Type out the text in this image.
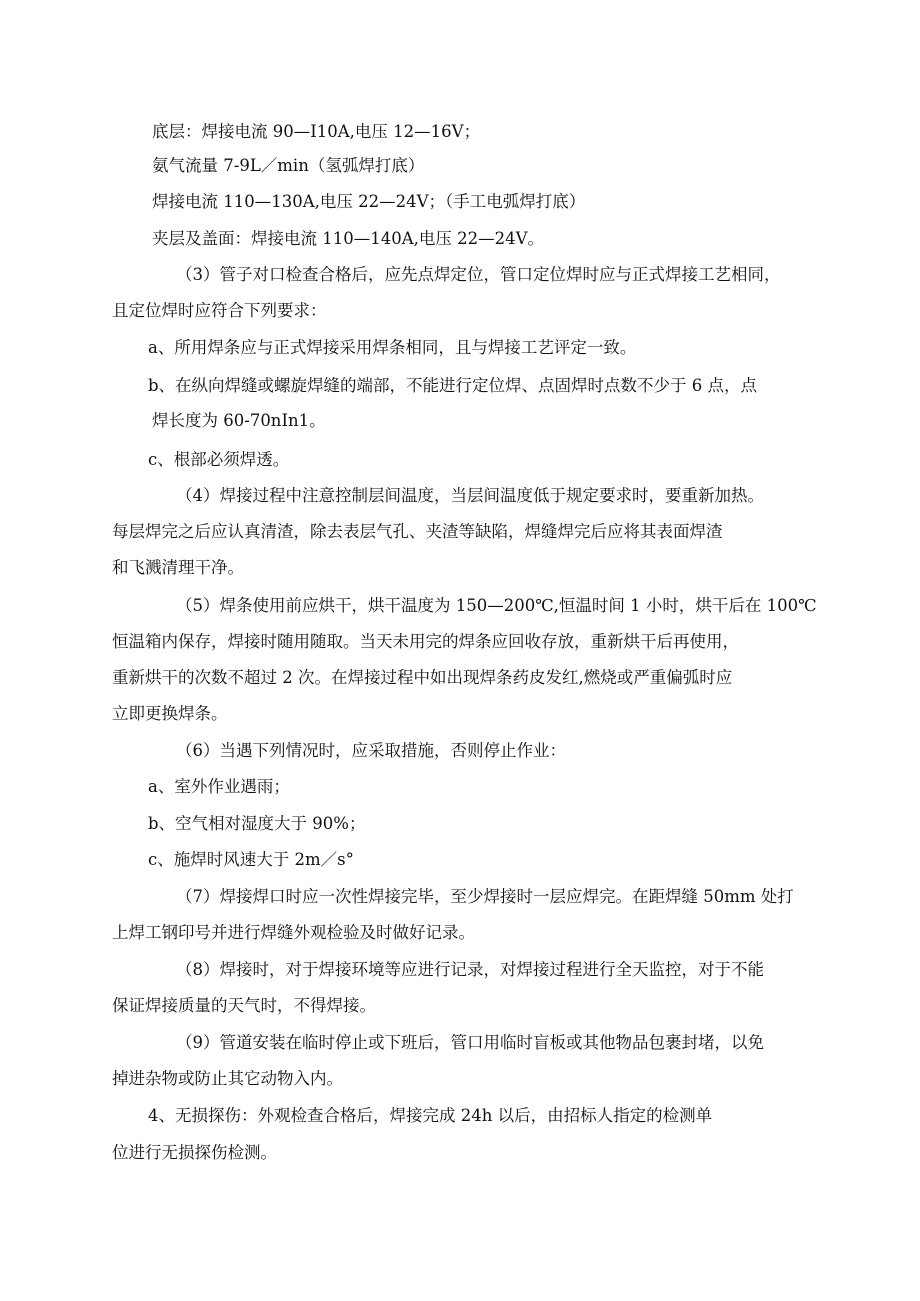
底层：焊接电流 90—I10A,电压 12—16V；
氨气流量 7-9L／min（氢弧焊打底）
焊接电流 110—130A,电压 22—24V；（手工电弧焊打底）
夹层及盖面：焊接电流 110—140A,电压 22—24V。
（3）管子对口检查合格后，应先点焊定位，管口定位焊时应与正式焊接工艺相同，
且定位焊时应符合下列要求：
a、所用焊条应与正式焊接采用焊条相同，且与焊接工艺评定一致。
b、在纵向焊缝或螺旋焊缝的端部，不能进行定位焊、点固焊时点数不少于 6 点，点
焊长度为 60-70nIn1。
c、根部必须焊透。
（4）焊接过程中注意控制层间温度，当层间温度低于规定要求时，要重新加热。
每层焊完之后应认真清渣，除去表层气孔、夹渣等缺陷，焊缝焊完后应将其表面焊渣
和飞溅清理干净。
（5）焊条使用前应烘干，烘干温度为 150—200℃,恒温时间 1 小时，烘干后在 100℃
恒温箱内保存，焊接时随用随取。当天未用完的焊条应回收存放，重新烘干后再使用，
重新烘干的次数不超过 2 次。在焊接过程中如出现焊条药皮发红,燃烧或严重偏弧时应
立即更换焊条。
（6）当遇下列情况时，应采取措施，否则停止作业：
a、室外作业遇雨；
b、空气相对湿度大于 90%；
c、施焊时风速大于 2m／s°
（7）焊接焊口时应一次性焊接完毕，至少焊接时一层应焊完。在距焊缝 50mm 处打
上焊工钢印号并进行焊缝外观检验及时做好记录。
（8）焊接时，对于焊接环境等应进行记录，对焊接过程进行全天监控，对于不能
保证焊接质量的天气时，不得焊接。
（9）管道安装在临时停止或下班后，管口用临时盲板或其他物品包裹封堵，以免
掉进杂物或防止其它动物入内。
4、无损探伤：外观检查合格后，焊接完成 24h 以后，由招标人指定的检测单
位进行无损探伤检测。
